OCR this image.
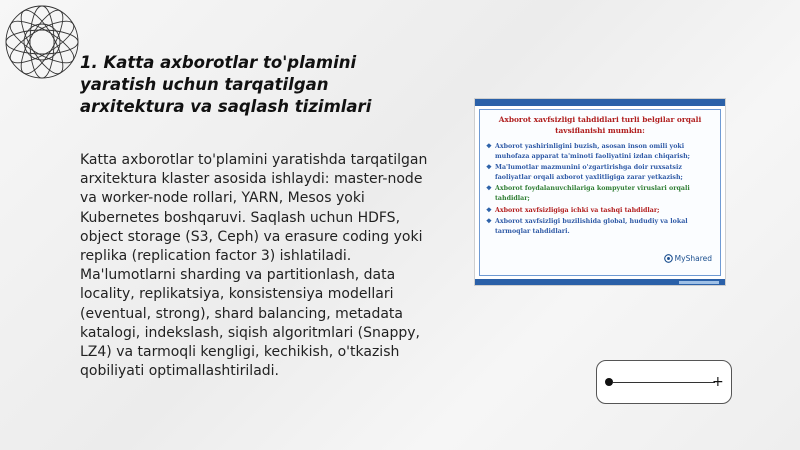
1. Katta axborotlar to'plamini yaratish uchun tarqatilgan arxitektura va saqlash tizimlari

Katta axborotlar to'plamini yaratishda tarqatilgan arxitektura klaster asosida ishlaydi: master-node va worker-node rollari, YARN, Mesos yoki Kubernetes boshqaruvi. Saqlash uchun HDFS, object storage (S3, Ceph) va erasure coding yoki replika (replication factor 3) ishlatiladi. Ma'lumotlarni sharding va partitionlash, data locality, replikatsiya, konsistensiya modellari (eventual, strong), shard balancing, metadata katalogi, indekslash, siqish algoritmlari (Snappy, LZ4) va tarmoqli kengligi, kechikish, o'tkazish qobiliyati optimallashtiriladi.

Axborot xavfsizligi tahdidlari turli belgilar orqali tavsiflanishi mumkin:
❖ Axborot yashirinligini buzish, asosan inson omili yoki muhofaza apparat ta'minoti faoliyatini izdan chiqarish;
❖ Ma'lumotlar mazmunini o'zgartirishga doir ruxsatsiz faoliyatlar orqali axborot yaxlitligiga zarar yetkazish;
❖ Axborot foydalanuvchilariga kompyuter viruslari orqali tahdidlar;
❖ Axborot xavfsizligiga ichki va tashqi tahdidlar;
❖ Axborot xavfsizligi buzilishida global, hududiy va lokal tarmoqlar tahdidlari.
MyShared
+
